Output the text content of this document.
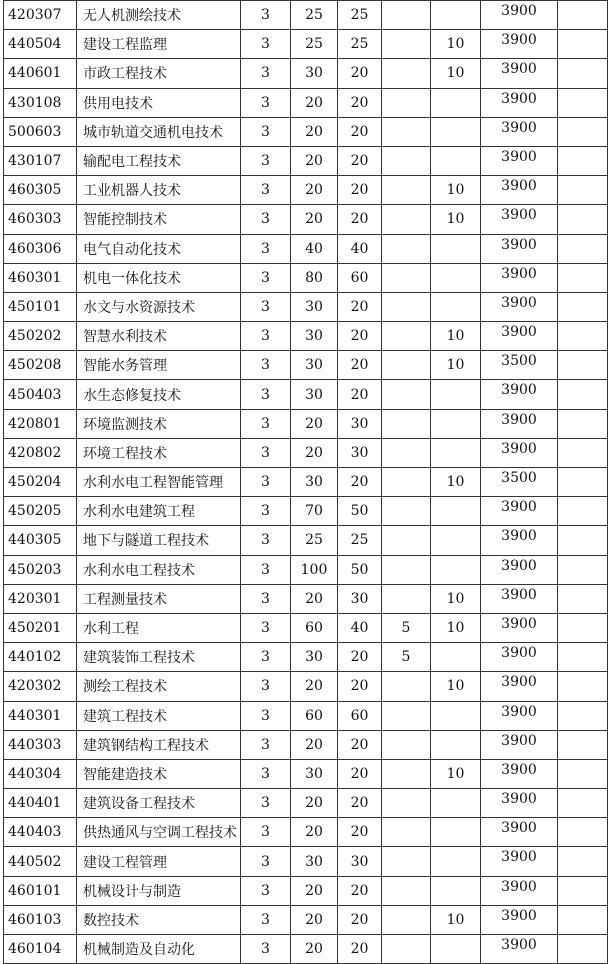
420307	无人机测绘技术	3	25	25			3900	
440504	建设工程监理	3	25	25		10	3900	
440601	市政工程技术	3	30	20		10	3900	
430108	供用电技术	3	20	20			3900	
500603	城市轨道交通机电技术	3	20	20			3900	
430107	输配电工程技术	3	20	20			3900	
460305	工业机器人技术	3	20	20		10	3900	
460303	智能控制技术	3	20	20		10	3900	
460306	电气自动化技术	3	40	40			3900	
460301	机电一体化技术	3	80	60			3900	
450101	水文与水资源技术	3	30	20			3900	
450202	智慧水利技术	3	30	20		10	3900	
450208	智能水务管理	3	30	20		10	3500	
450403	水生态修复技术	3	30	20			3900	
420801	环境监测技术	3	20	30			3900	
420802	环境工程技术	3	20	30			3900	
450204	水利水电工程智能管理	3	30	20		10	3500	
450205	水利水电建筑工程	3	70	50			3900	
440305	地下与隧道工程技术	3	25	25			3900	
450203	水利水电工程技术	3	100	50			3900	
420301	工程测量技术	3	20	30		10	3900	
450201	水利工程	3	60	40	5	10	3900	
440102	建筑装饰工程技术	3	30	20	5		3900	
420302	测绘工程技术	3	20	20		10	3900	
440301	建筑工程技术	3	60	60			3900	
440303	建筑钢结构工程技术	3	20	20			3900	
440304	智能建造技术	3	30	20		10	3900	
440401	建筑设备工程技术	3	20	20			3900	
440403	供热通风与空调工程技术	3	20	20			3900	
440502	建设工程管理	3	30	30			3900	
460101	机械设计与制造	3	20	20			3900	
460103	数控技术	3	20	20		10	3900	
460104	机械制造及自动化	3	20	20			3900	
